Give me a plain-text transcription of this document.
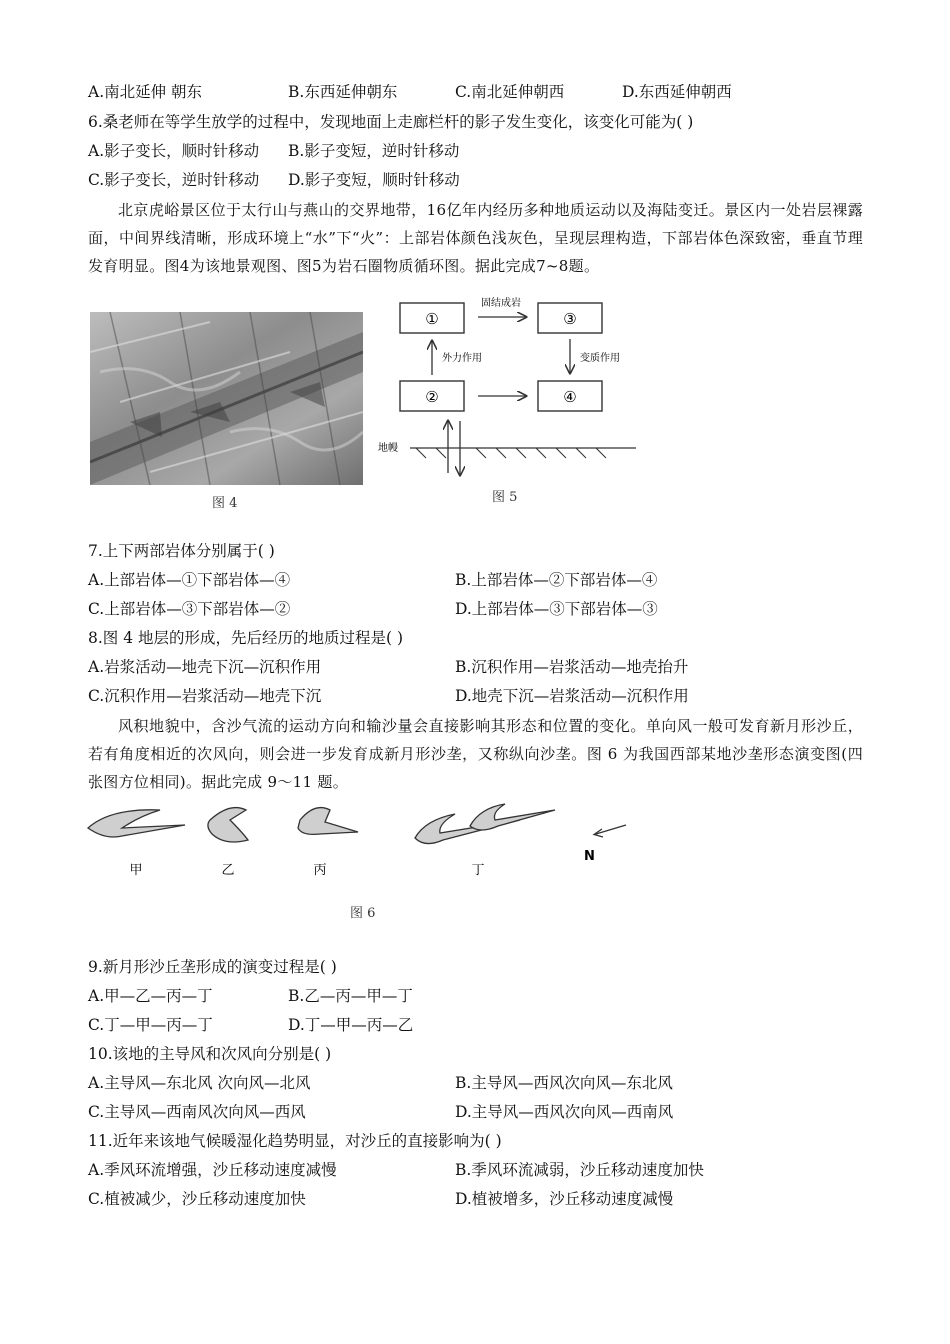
A.南北延伸 朝东	B.东西延伸朝东	C.南北延伸朝西	D.东西延伸朝西
6.桑老师在等学生放学的过程中，发现地面上走廊栏杆的影子发生变化，该变化可能为( )
A.影子变长，顺时针移动 B.影子变短，逆时针移动
C.影子变长，逆时针移动 D.影子变短，顺时针移动
北京虎峪景区位于太行山与燕山的交界地带，16亿年内经历多种地质运动以及海陆变迁。景区内一处岩层裸露面，中间界线清晰，形成环境上“水”下“火”：上部岩体颜色浅灰色，呈现层理构造，下部岩体色深致密，垂直节理发育明显。图4为该地景观图、图5为岩石圈物质循环图。据此完成7~8题。
图 4
①
②
③
④
固结成岩
外力作用	变质作用
地幔
图 5
7.上下两部岩体分别属于( )
A.上部岩体—①下部岩体—④	B.上部岩体—②下部岩体—④
C.上部岩体—③下部岩体—②	D.上部岩体—③下部岩体—③
8.图 4 地层的形成，先后经历的地质过程是( )
A.岩浆活动—地壳下沉—沉积作用	B.沉积作用—岩浆活动—地壳抬升
C.沉积作用—岩浆活动—地壳下沉	D.地壳下沉—岩浆活动—沉积作用
风积地貌中，含沙气流的运动方向和输沙量会直接影响其形态和位置的变化。单向风一般可发育新月形沙丘，若有角度相近的次风向，则会进一步发育成新月形沙垄，又称纵向沙垄。图 6 为我国西部某地沙垄形态演变图(四张图方位相同)。据此完成 9～11 题。
甲	乙	丙	丁
N
图 6
9.新月形沙丘垄形成的演变过程是( )
A.甲—乙—丙—丁	B.乙—丙—甲—丁
C.丁—甲—丙—丁	D.丁—甲—丙—乙
10.该地的主导风和次风向分别是( )
A.主导风—东北风 次向风—北风	B.主导风—西风次向风—东北风
C.主导风—西南风次向风—西风	D.主导风—西风次向风—西南风
11.近年来该地气候暖湿化趋势明显，对沙丘的直接影响为( )
A.季风环流增强，沙丘移动速度减慢	B.季风环流减弱，沙丘移动速度加快
C.植被减少，沙丘移动速度加快	D.植被增多，沙丘移动速度减慢
